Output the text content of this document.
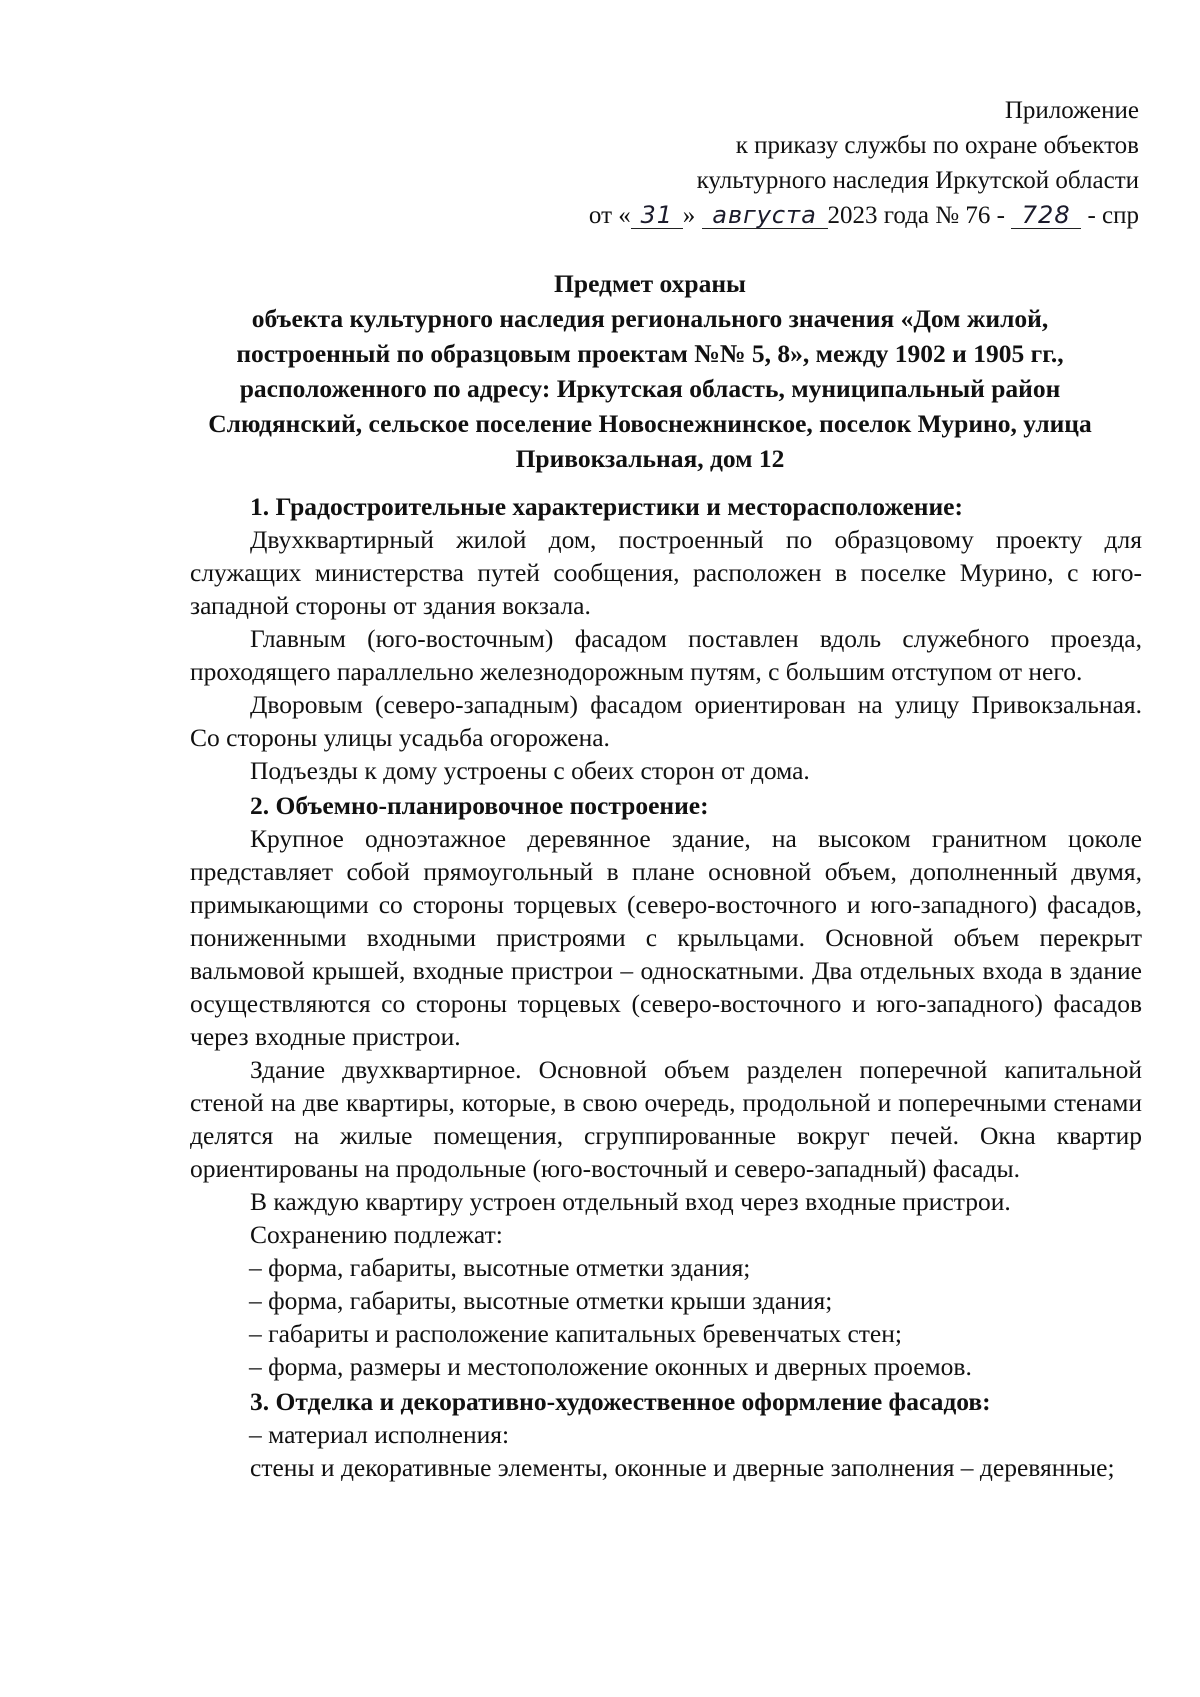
Приложение
к приказу службы по охране объектов
культурного наследия Иркутской области
от « 31 » августа 2023 года № 76 - 728 - спр
Предмет охраны
объекта культурного наследия регионального значения «Дом жилой, построенный по образцовым проектам №№ 5, 8», между 1902 и 1905 гг., расположенного по адресу: Иркутская область, муниципальный район Слюдянский, сельское поселение Новоснежнинское, поселок Мурино, улица Привокзальная, дом 12

1. Градостроительные характеристики и месторасположение:

Двухквартирный жилой дом, построенный по образцовому проекту для служащих министерства путей сообщения, расположен в поселке Мурино, с юго-западной стороны от здания вокзала.

Главным (юго-восточным) фасадом поставлен вдоль служебного проезда, проходящего параллельно железнодорожным путям, с большим отступом от него.

Дворовым (северо-западным) фасадом ориентирован на улицу Привокзальная. Со стороны улицы усадьба огорожена.

Подъезды к дому устроены с обеих сторон от дома.

2. Объемно-планировочное построение:

Крупное одноэтажное деревянное здание, на высоком гранитном цоколе представляет собой прямоугольный в плане основной объем, дополненный двумя, примыкающими со стороны торцевых (северо-восточного и юго-западного) фасадов, пониженными входными пристроями с крыльцами. Основной объем перекрыт вальмовой крышей, входные пристрои – односкатными. Два отдельных входа в здание осуществляются со стороны торцевых (северо-восточного и юго-западного) фасадов через входные пристрои.

Здание двухквартирное. Основной объем разделен поперечной капитальной стеной на две квартиры, которые, в свою очередь, продольной и поперечными стенами делятся на жилые помещения, сгруппированные вокруг печей. Окна квартир ориентированы на продольные (юго-восточный и северо-западный) фасады.

В каждую квартиру устроен отдельный вход через входные пристрои.

Сохранению подлежат:

– форма, габариты, высотные отметки здания;

– форма, габариты, высотные отметки крыши здания;

– габариты и расположение капитальных бревенчатых стен;

– форма, размеры и местоположение оконных и дверных проемов.

3. Отделка и декоративно-художественное оформление фасадов:

– материал исполнения:

стены и декоративные элементы, оконные и дверные заполнения – деревянные;
